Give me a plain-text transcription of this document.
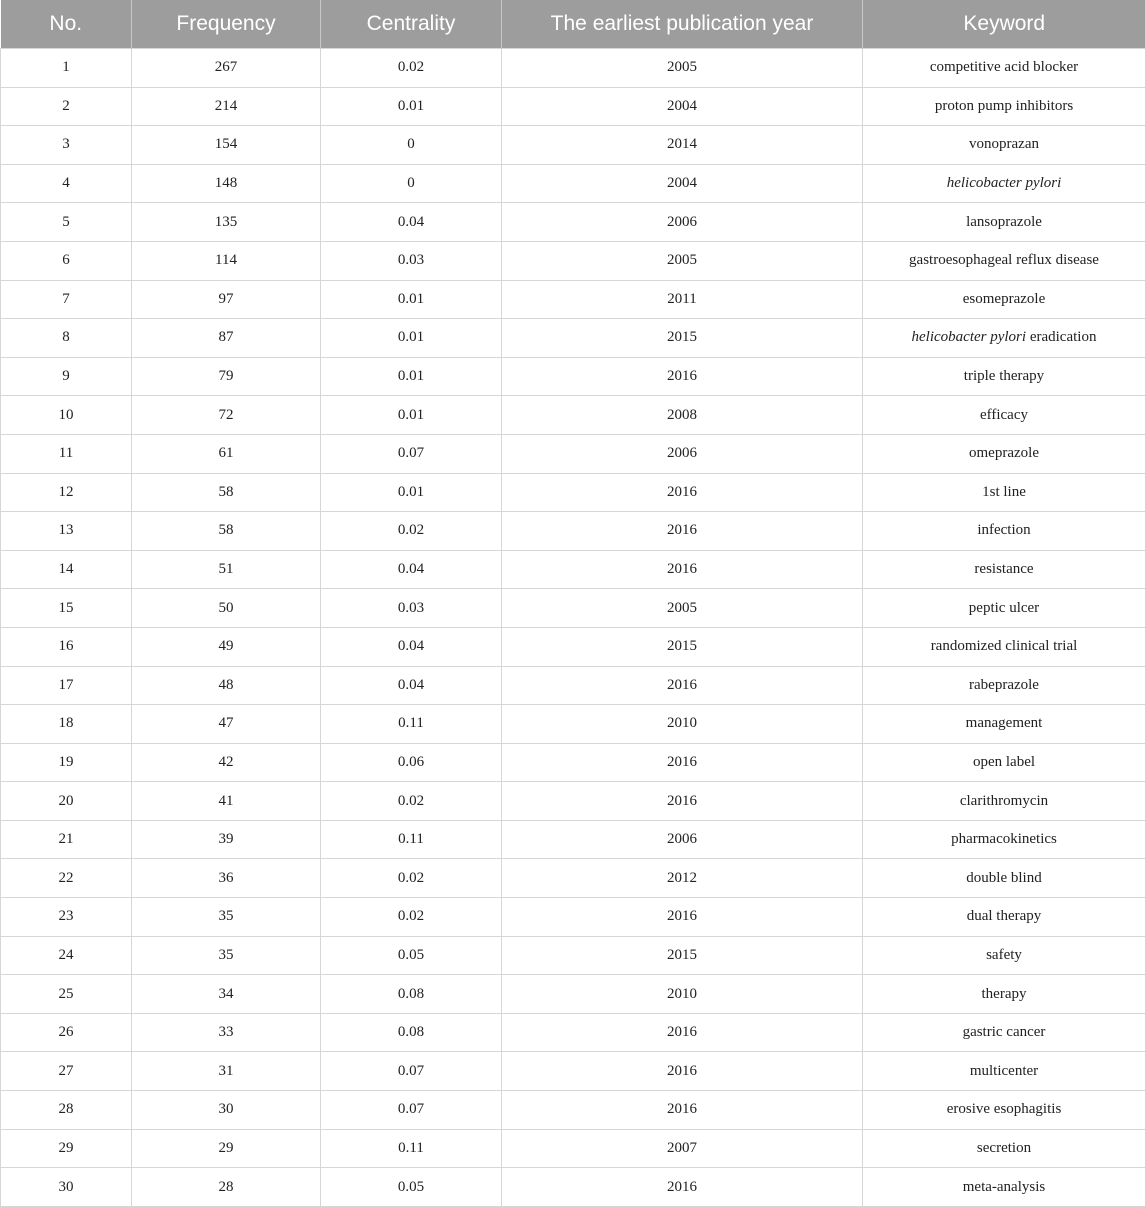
No.	Frequency	Centrality	The earliest publication year	Keyword
1	267	0.02	2005	competitive acid blocker
2	214	0.01	2004	proton pump inhibitors
3	154	0	2014	vonoprazan
4	148	0	2004	helicobacter pylori
5	135	0.04	2006	lansoprazole
6	114	0.03	2005	gastroesophageal reflux disease
7	97	0.01	2011	esomeprazole
8	87	0.01	2015	helicobacter pylori eradication
9	79	0.01	2016	triple therapy
10	72	0.01	2008	efficacy
11	61	0.07	2006	omeprazole
12	58	0.01	2016	1st line
13	58	0.02	2016	infection
14	51	0.04	2016	resistance
15	50	0.03	2005	peptic ulcer
16	49	0.04	2015	randomized clinical trial
17	48	0.04	2016	rabeprazole
18	47	0.11	2010	management
19	42	0.06	2016	open label
20	41	0.02	2016	clarithromycin
21	39	0.11	2006	pharmacokinetics
22	36	0.02	2012	double blind
23	35	0.02	2016	dual therapy
24	35	0.05	2015	safety
25	34	0.08	2010	therapy
26	33	0.08	2016	gastric cancer
27	31	0.07	2016	multicenter
28	30	0.07	2016	erosive esophagitis
29	29	0.11	2007	secretion
30	28	0.05	2016	meta-analysis
